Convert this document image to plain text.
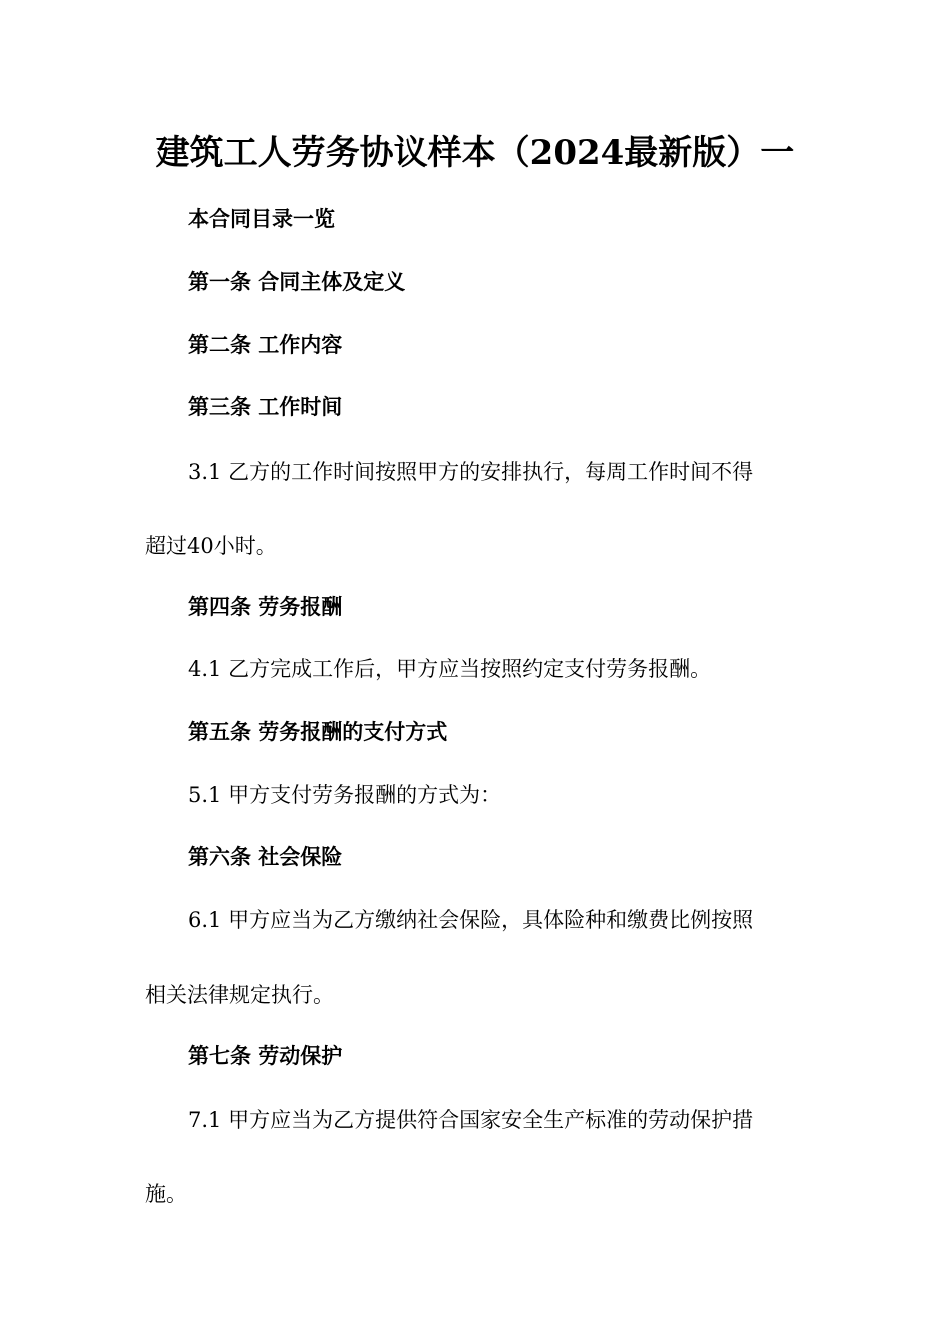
建筑工人劳务协议样本（2024最新版）一

本合同目录一览

第一条 合同主体及定义

第二条 工作内容

第三条 工作时间

3.1 乙方的工作时间按照甲方的安排执行，每周工作时间不得

超过40小时。

第四条 劳务报酬

4.1 乙方完成工作后，甲方应当按照约定支付劳务报酬。

第五条 劳务报酬的支付方式

5.1 甲方支付劳务报酬的方式为：

第六条 社会保险

6.1 甲方应当为乙方缴纳社会保险，具体险种和缴费比例按照

相关法律规定执行。

第七条 劳动保护

7.1 甲方应当为乙方提供符合国家安全生产标准的劳动保护措

施。
